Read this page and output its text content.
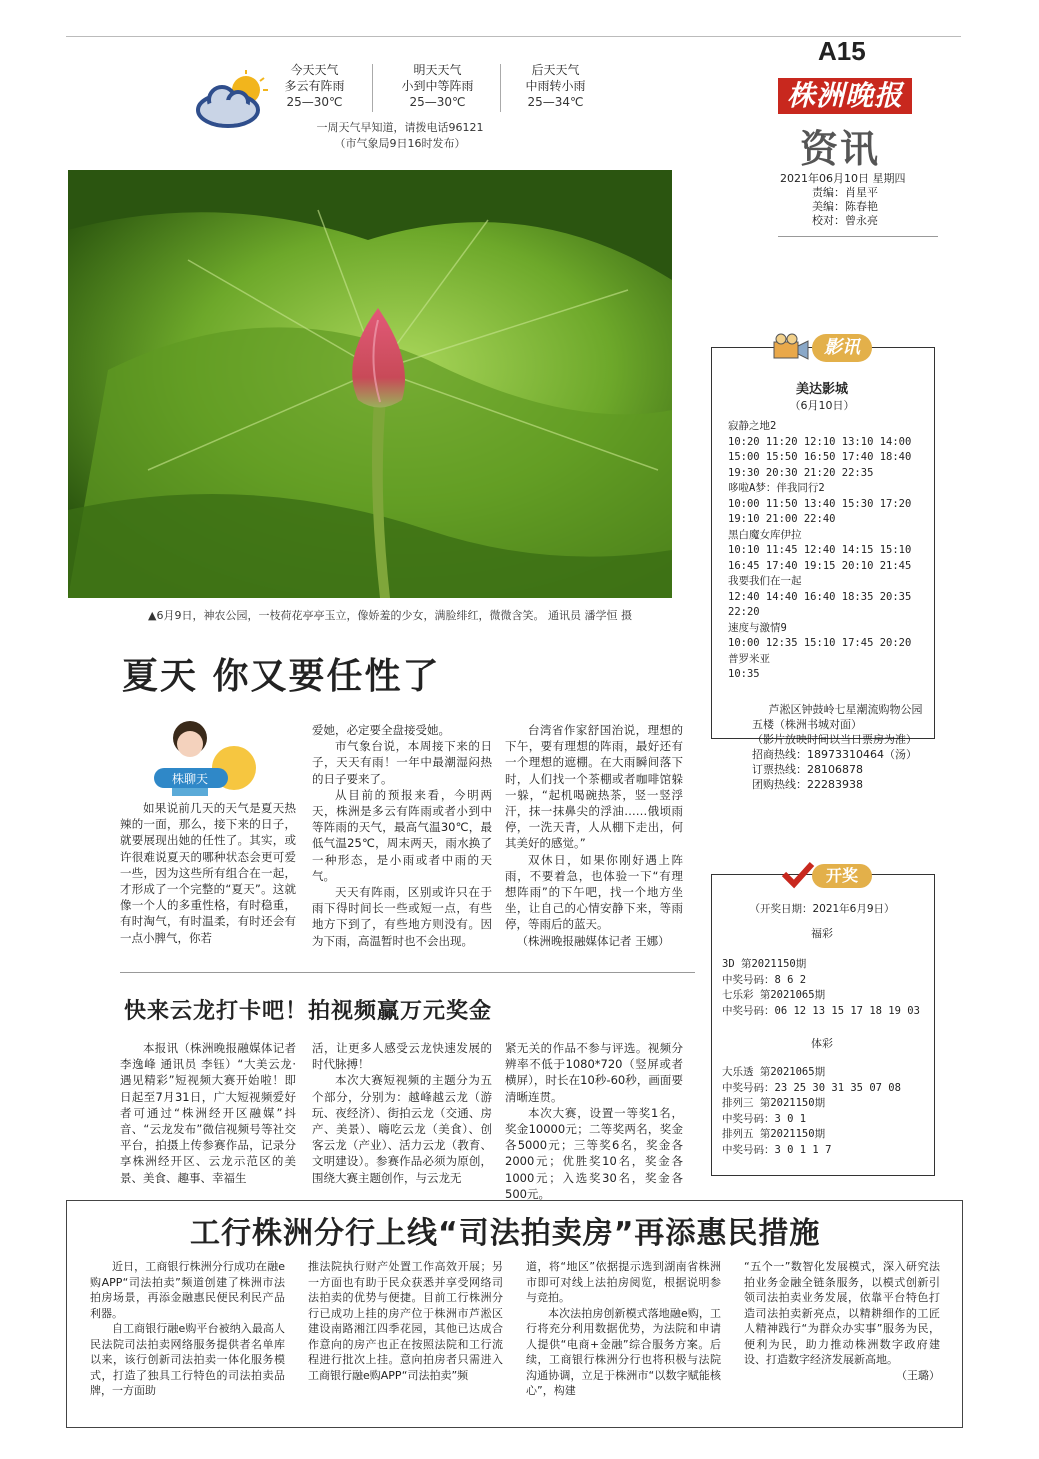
今天天气
多云有阵雨
25—30℃
明天天气
小到中等阵雨
25—30℃
后天天气
中雨转小雨
25—34℃
一周天气早知道，请拨电话96121
（市气象局9日16时发布）
A15
株洲晚报
资讯
2021年06月10日 星期四
责编：肖星平
美编：陈春艳
校对：曾永亮
▲6月9日，神农公园，一枝荷花亭亭玉立，像娇羞的少女，满脸绯红，微微含笑。 通讯员 潘学恒 摄
夏天 你又要任性了
株聊天

如果说前几天的天气是夏天热辣的一面，那么，接下来的日子，就要展现出她的任性了。其实，或许很难说夏天的哪种状态会更可爱一些，因为这些所有组合在一起，才形成了一个完整的“夏天”。这就像一个人的多重性格，有时稳重，有时淘气，有时温柔，有时还会有一点小脾气，你若

爱她，必定要全盘接受她。

市气象台说，本周接下来的日子，天天有雨！一年中最潮湿闷热的日子要来了。

从目前的预报来看，今明两天，株洲是多云有阵雨或者小到中等阵雨的天气，最高气温30℃，最低气温25℃，周末两天，雨水换了一种形态，是小雨或者中雨的天气。

天天有阵雨，区别或许只在于雨下得时间长一些或短一点，有些地方下到了，有些地方则没有。因为下雨，高温暂时也不会出现。

台湾省作家舒国治说，理想的下午，要有理想的阵雨，最好还有一个理想的遮棚。在大雨瞬间落下时，人们找一个茶棚或者咖啡馆躲一躲，“起机喝碗热茶，竖一竖浮汗，抹一抹鼻尖的浮油……俄顷雨停，一洗天青，人从棚下走出，何其美好的感觉。”

双休日，如果你刚好遇上阵雨，不要着急，也体验一下“有理想阵雨”的下午吧，找一个地方坐坐，让自己的心情安静下来，等雨停，等雨后的蓝天。

（株洲晚报融媒体记者 王娜）

快来云龙打卡吧！拍视频赢万元奖金

本报讯（株洲晚报融媒体记者李逸峰 通讯员 李钰）“大美云龙·遇见精彩”短视频大赛开始啦！即日起至7月31日，广大短视频爱好者可通过“株洲经开区融媒”抖音、“云龙发布”微信视频号等社交平台，拍摄上传参赛作品，记录分享株洲经开区、云龙示范区的美景、美食、趣事、幸福生

活，让更多人感受云龙快速发展的时代脉搏！

本次大赛短视频的主题分为五个部分，分别为：越峰越云龙（游玩、夜经济）、街拍云龙（交通、房产、美景）、嗨吃云龙（美食）、创客云龙（产业）、活力云龙（教育、文明建设）。参赛作品必须为原创，围绕大赛主题创作，与云龙无

紧无关的作品不参与评选。视频分辨率不低于1080*720（竖屏或者横屏），时长在10秒-60秒，画面要清晰连贯。

本次大赛，设置一等奖1名，奖金10000元；二等奖两名，奖金各5000元；三等奖6名，奖金各2000元；优胜奖10名，奖金各1000元；入选奖30名，奖金各500元。

工行株洲分行上线“司法拍卖房”再添惠民措施

近日，工商银行株洲分行成功在融e购APP“司法拍卖”频道创建了株洲市法拍房场景，再添金融惠民便民利民产品利器。

自工商银行融e购平台被纳入最高人民法院司法拍卖网络服务提供者名单库以来，该行创新司法拍卖一体化服务模式，打造了独具工行特色的司法拍卖品牌，一方面助

推法院执行财产处置工作高效开展；另一方面也有助于民众获悉并享受网络司法拍卖的优势与便捷。目前工行株洲分行已成功上挂的房产位于株洲市芦淞区建设南路湘江四季花园，其他已达成合作意向的房产也正在按照法院和工行流程进行批次上挂。意向拍房者只需进入工商银行融e购APP“司法拍卖”频

道，将“地区”依据提示选到湖南省株洲市即可对线上法拍房阅览，根据说明参与竞拍。

本次法拍房创新模式落地融e购，工行将充分利用数据优势，为法院和申请人提供“电商+金融”综合服务方案。后续，工商银行株洲分行也将积极与法院沟通协调，立足于株洲市“以数字赋能核心”，构建

“五个一”数智化发展模式，深入研究法拍业务金融全链条服务，以模式创新引领司法拍卖业务发展，依靠平台特色打造司法拍卖新亮点，以精耕细作的工匠人精神践行“为群众办实事”服务为民，便利为民，助力推动株洲数字政府建设、打造数字经济发展新高地。

（王璐）

影讯
美达影城
（6月10日）
寂静之地2
10:20 11:20 12:10 13:10 14:00
15:00 15:50 16:50 17:40 18:40
19:30 20:30 21:20 22:35
哆啦A梦：伴我同行2
10:00 11:50 13:40 15:30 17:20
19:10 21:00 22:40
黑白魔女库伊拉
10:10 11:45 12:40 14:15 15:10
16:45 17:40 19:15 20:10 21:45
我要我们在一起
12:40 14:40 16:40 18:35 20:35
22:20
速度与激情9
10:00 12:35 15:10 17:45 20:20
普罗米亚
10:35
芦淞区钟鼓岭七星潮流购物公园五楼（株洲书城对面）
（影片放映时间以当日票房为准）
招商热线：18973310464（汤）
订票热线：28106878
团购热线：22283938
开奖
（开奖日期：2021年6月9日）
福彩
3D 第2021150期
中奖号码：8 6 2
七乐彩 第2021065期
中奖号码：06 12 13 15 17 18 19 03
体彩
大乐透 第2021065期
中奖号码：23 25 30 31 35 07 08
排列三 第2021150期
中奖号码：3 0 1
排列五 第2021150期
中奖号码：3 0 1 1 7
